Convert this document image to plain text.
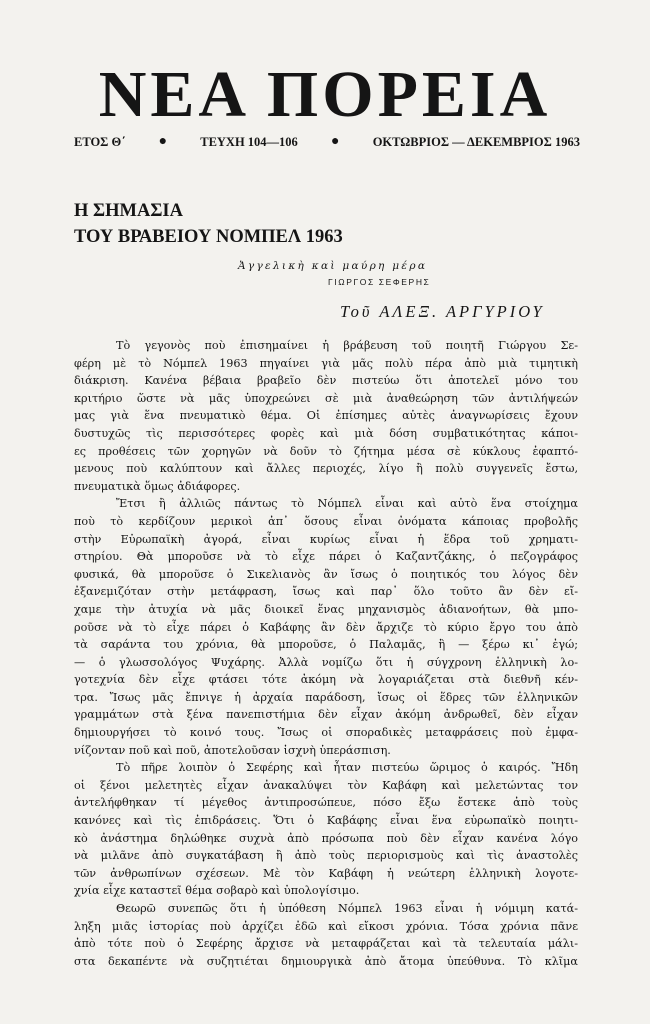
ΝΕΑ ΠΟΡΕΙΑ
ΕΤΟΣ Θ΄ ●	ΤΕΥΧΗ 104—106 ●	ΟΚΤΩΒΡΙΟΣ — ΔΕΚΕΜΒΡΙΟΣ 1963
Η ΣΗΜΑΣΙΑ
ΤΟΥ ΒΡΑΒΕΙΟΥ ΝΟΜΠΕΛ 1963
Ἀγγελικὴ καὶ μαύρη μέρα
ΓΙΩΡΓΟΣ ΣΕΦΕΡΗΣ
Τοῦ ΑΛΕΞ. ΑΡΓΥΡΙΟΥ
Τὸ γεγονὸς ποὺ ἐπισημαίνει ἡ βράβευση τοῦ ποιητῆ Γιώργου Σε-
φέρη μὲ τὸ Νόμπελ 1963 πηγαίνει γιὰ μᾶς πολὺ πέρα ἀπὸ μιὰ τιμητικὴ
διάκριση. Κανένα βέβαια βραβεῖο δὲν πιστεύω ὅτι ἀποτελεῖ μόνο του
κριτήριο ὥστε νὰ μᾶς ὑποχρεώνει σὲ μιὰ ἀναθεώρηση τῶν ἀντιλήψεών
μας γιὰ ἕνα πνευματικὸ θέμα. Οἱ ἐπίσημες αὐτὲς ἀναγνωρίσεις ἔχουν
δυστυχῶς τὶς περισσότερες φορὲς καὶ μιὰ δόση συμβατικότητας κάποι-
ες προθέσεις τῶν χορηγῶν νὰ δοῦν τὸ ζήτημα μέσα σὲ κύκλους ἐφαπτό-
μενους ποὺ καλύπτουν καὶ ἄλλες περιοχές, λίγο ἢ πολὺ συγγενεῖς ἔστω,
πνευματικὰ ὅμως ἀδιάφορες.
Ἔτσι ἢ ἀλλιῶς πάντως τὸ Νόμπελ εἶναι καὶ αὐτὸ ἕνα στοίχημα
ποὺ τὸ κερδίζουν μερικοὶ ἀπ᾿ ὅσους εἶναι ὀνόματα κάποιας προβολῆς
στὴν Εὐρωπαϊκὴ ἀγορά, εἶναι κυρίως εἶναι ἡ ἕδρα τοῦ χρηματι-
στηρίου. Θὰ μποροῦσε νὰ τὸ εἶχε πάρει ὁ Καζαντζάκης, ὁ πεζογράφος
φυσικά, θὰ μποροῦσε ὁ Σικελιανὸς ἂν ἴσως ὁ ποιητικός του λόγος δὲν
ἐξανεμιζόταν στὴν μετάφραση, ἴσως καὶ παρ᾿ ὅλο τοῦτο ἂν δὲν εἴ-
χαμε τὴν ἀτυχία νὰ μᾶς διοικεῖ ἕνας μηχανισμὸς ἀδιανοήτων, θὰ μπο-
ροῦσε νὰ τὸ εἶχε πάρει ὁ Καβάφης ἂν δὲν ἄρχιζε τὸ κύριο ἔργο του ἀπὸ
τὰ σαράντα του χρόνια, θὰ μποροῦσε, ὁ Παλαμᾶς, ἢ — ξέρω κι᾿ ἐγώ;
— ὁ γλωσσολόγος Ψυχάρης. Ἀλλὰ νομίζω ὅτι ἡ σύγχρονη ἑλληνικὴ λο-
γοτεχνία δὲν εἶχε φτάσει τότε ἀκόμη νὰ λογαριάζεται στὰ διεθνῆ κέν-
τρα. Ἴσως μᾶς ἔπνιγε ἡ ἀρχαία παράδοση, ἴσως οἱ ἕδρες τῶν ἑλληνικῶν
γραμμάτων στὰ ξένα πανεπιστήμια δὲν εἶχαν ἀκόμη ἀνδρωθεῖ, δὲν εἶχαν
δημιουργήσει τὸ κοινό τους. Ἴσως οἱ σποραδικὲς μεταφράσεις ποὺ ἐμφα-
νίζονταν ποῦ καὶ ποῦ, ἀποτελοῦσαν ἰσχνὴ ὑπεράσπιση.
Τὸ πῆρε λοιπὸν ὁ Σεφέρης καὶ ἦταν πιστεύω ὥριμος ὁ καιρός. Ἤδη
οἱ ξένοι μελετητὲς εἶχαν ἀνακαλύψει τὸν Καβάφη καὶ μελετώντας τον
ἀντελήφθηκαν τί μέγεθος ἀντιπροσώπευε, πόσο ἔξω ἔστεκε ἀπὸ τοὺς
κανόνες καὶ τὶς ἐπιδράσεις. Ὅτι ὁ Καβάφης εἶναι ἕνα εὐρωπαϊκὸ ποιητι-
κὸ ἀνάστημα δηλώθηκε συχνὰ ἀπὸ πρόσωπα ποὺ δὲν εἶχαν κανένα λόγο
νὰ μιλᾶνε ἀπὸ συγκατάβαση ἢ ἀπὸ τοὺς περιορισμοὺς καὶ τὶς ἀναστολὲς
τῶν ἀνθρωπίνων σχέσεων. Μὲ τὸν Καβάφη ἡ νεώτερη ἑλληνικὴ λογοτε-
χνία εἶχε καταστεῖ θέμα σοβαρὸ καὶ ὑπολογίσιμο.
Θεωρῶ συνεπῶς ὅτι ἡ ὑπόθεση Νόμπελ 1963 εἶναι ἡ νόμιμη κατά-
ληξη μιᾶς ἱστορίας ποὺ ἀρχίζει ἐδῶ καὶ εἴκοσι χρόνια. Τόσα χρόνια πᾶνε
ἀπὸ τότε ποὺ ὁ Σεφέρης ἄρχισε νὰ μεταφράζεται καὶ τὰ τελευταία μάλι-
στα δεκαπέντε νὰ συζητιέται δημιουργικὰ ἀπὸ ἄτομα ὑπεύθυνα. Τὸ κλῖμα
